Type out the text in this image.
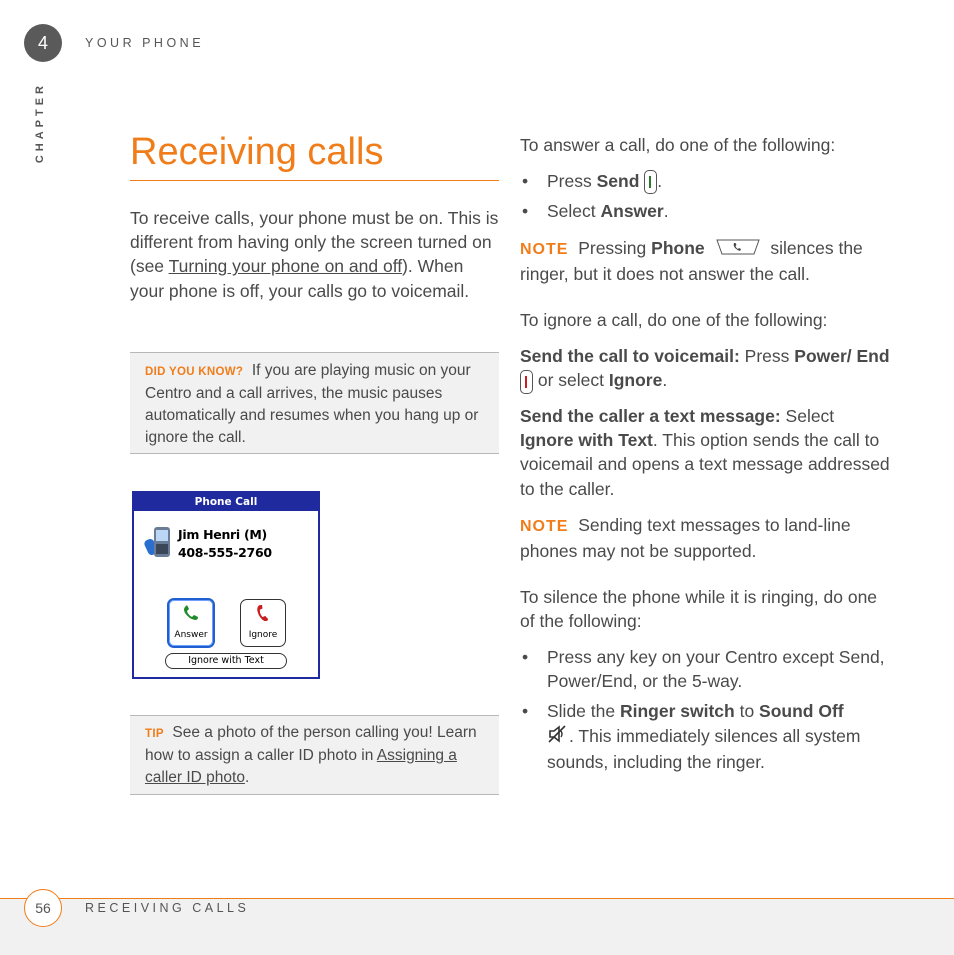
4	YOUR PHONE
CHAPTER Receiving calls
To receive calls, your phone must be on. This is different from having only the screen turned on (see Turning your phone on and off). When your phone is off, your calls go to voicemail.
DID YOU KNOW? If you are playing music on your Centro and a call arrives, the music pauses automatically and resumes when you hang up or ignore the call.
Phone Call
Jim Henri (M)
408-555-2760
Answer	Ignore
Ignore with Text
TIP See a photo of the person calling you! Learn how to assign a caller ID photo in Assigning a caller ID photo.
To answer a call, do one of the following:
• Press Send .
• Select Answer.
NOTE Pressing Phone	silences the ringer, but it does not answer the call.
To ignore a call, do one of the following:
Send the call to voicemail: Press Power/ End
or select Ignore.
Send the caller a text message: Select Ignore with Text. This option sends the call to voicemail and opens a text message addressed to the caller.
NOTE Sending text messages to land-line phones may not be supported.
To silence the phone while it is ringing, do one of the following:
• Press any key on your Centro except Send, Power/End, or the 5-way.
• Slide the Ringer switch to Sound Off
. This immediately silences all system sounds, including the ringer.
56	RECEIVING CALLS
